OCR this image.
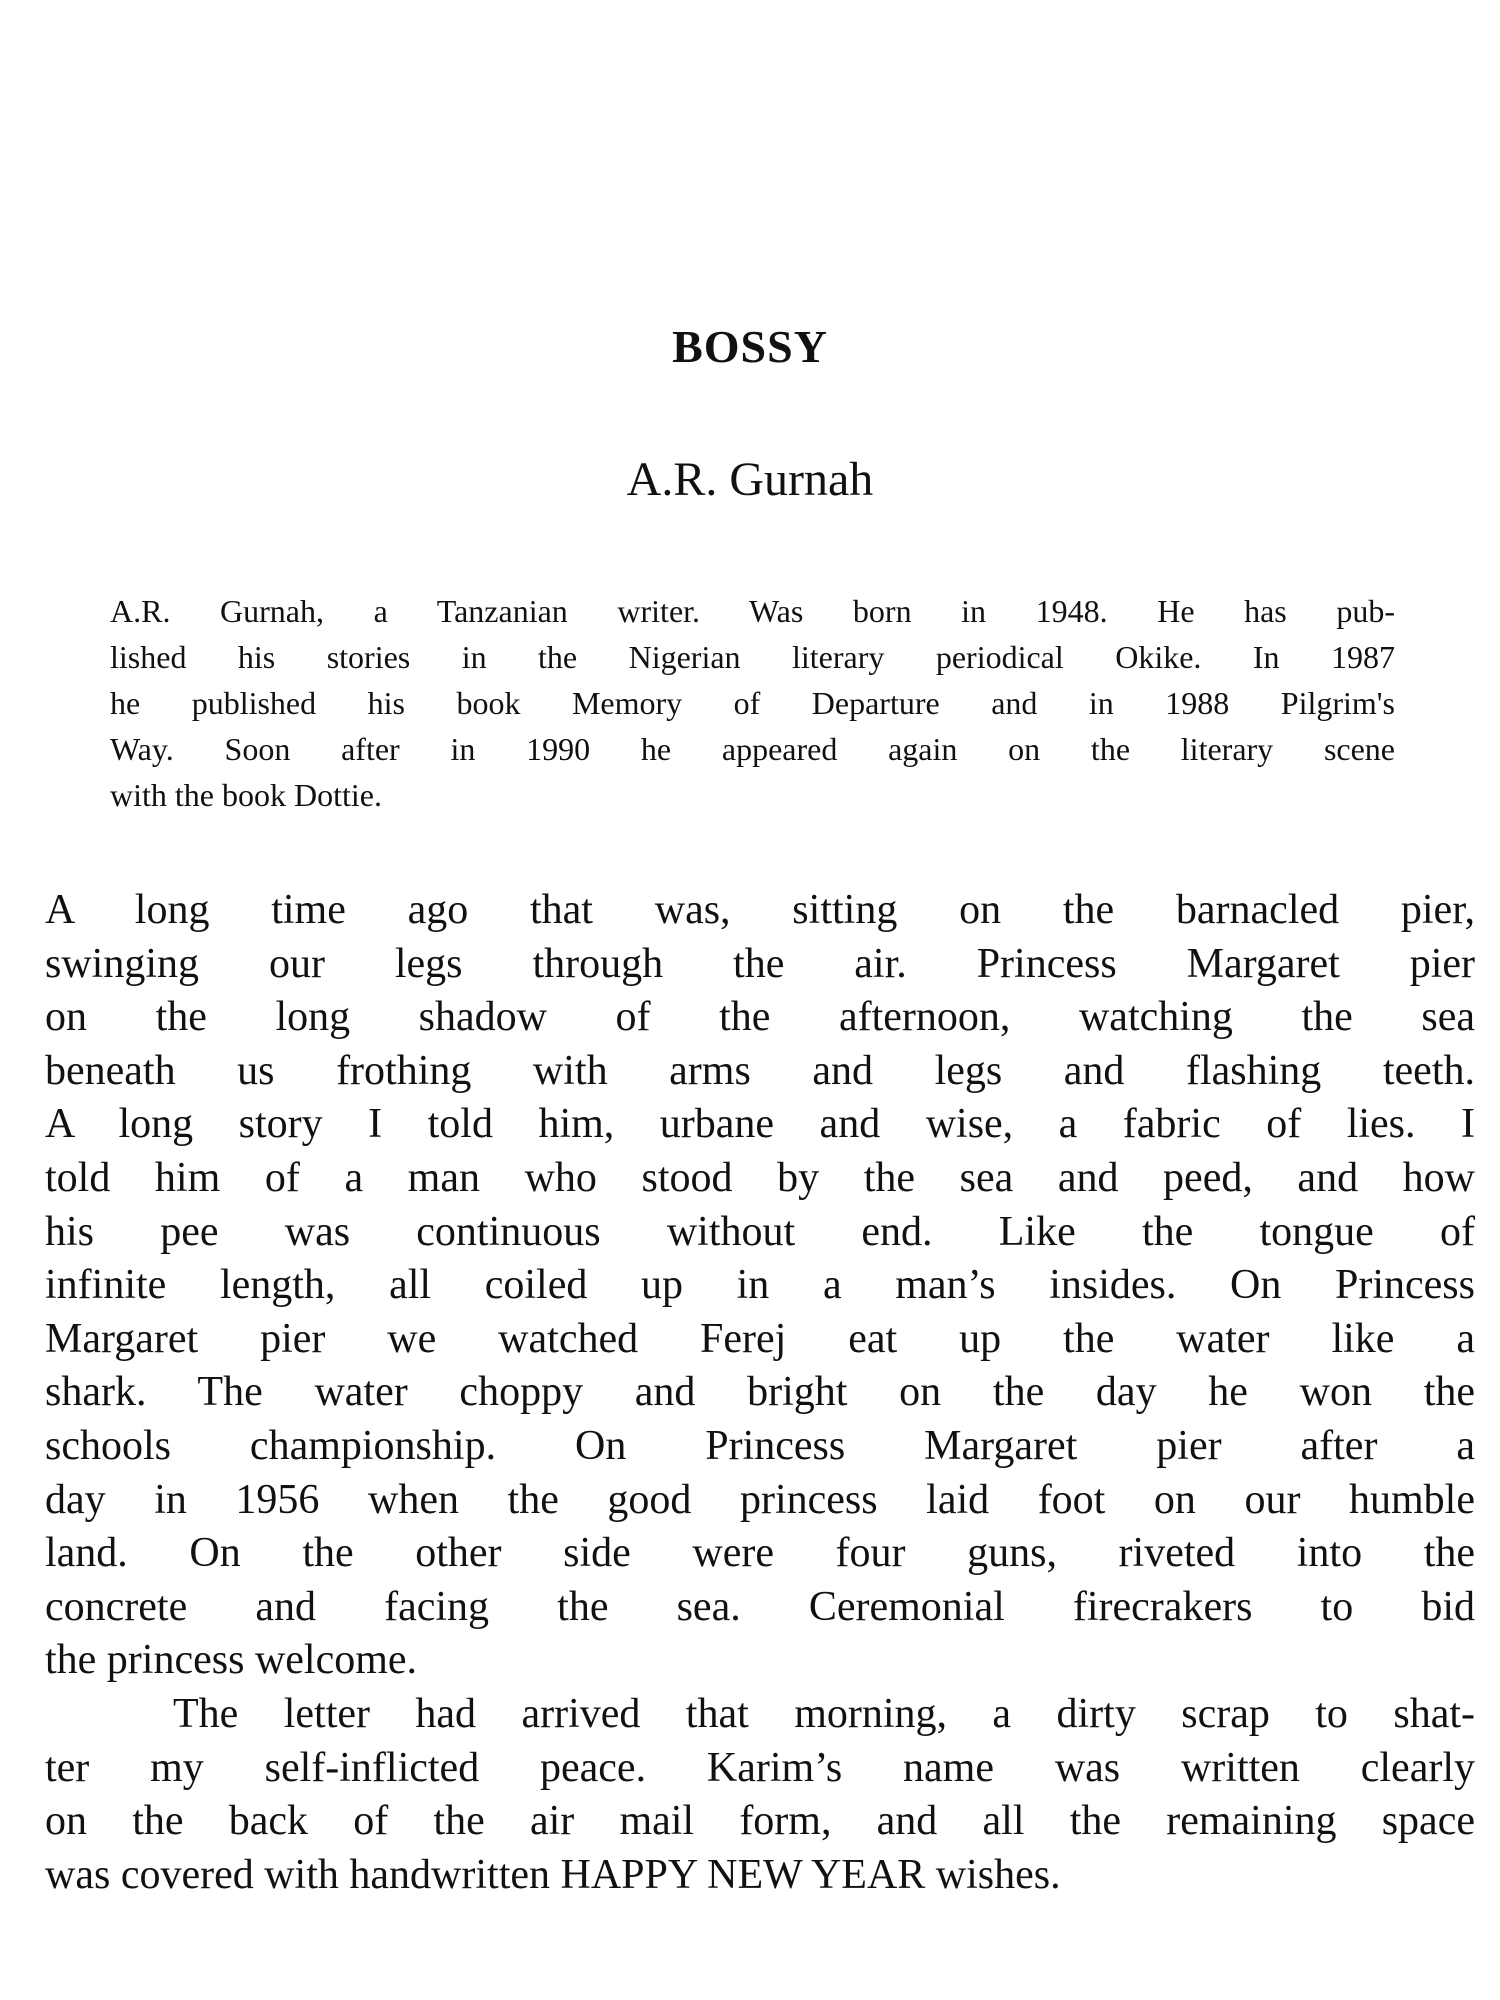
BOSSY
A.R. Gurnah
A.R. Gurnah, a Tanzanian writer. Was born in 1948. He has pub-
lished his stories in the Nigerian literary periodical Okike. In 1987
he published his book Memory of Departure and in 1988 Pilgrim's
Way. Soon after in 1990 he appeared again on the literary scene
with the book Dottie.
A long time ago that was, sitting on the barnacled pier,
swinging our legs through the air. Princess Margaret pier
on the long shadow of the afternoon, watching the sea
beneath us frothing with arms and legs and flashing teeth.
A long story I told him, urbane and wise, a fabric of lies. I
told him of a man who stood by the sea and peed, and how
his pee was continuous without end. Like the tongue of
infinite length, all coiled up in a man’s insides. On Princess
Margaret pier we watched Ferej eat up the water like a
shark. The water choppy and bright on the day he won the
schools championship. On Princess Margaret pier after a
day in 1956 when the good princess laid foot on our humble
land. On the other side were four guns, riveted into the
concrete and facing the sea. Ceremonial firecrakers to bid
the princess welcome.
The letter had arrived that morning, a dirty scrap to shat-
ter my self-inflicted peace. Karim’s name was written clearly
on the back of the air mail form, and all the remaining space
was covered with handwritten HAPPY NEW YEAR wishes.
